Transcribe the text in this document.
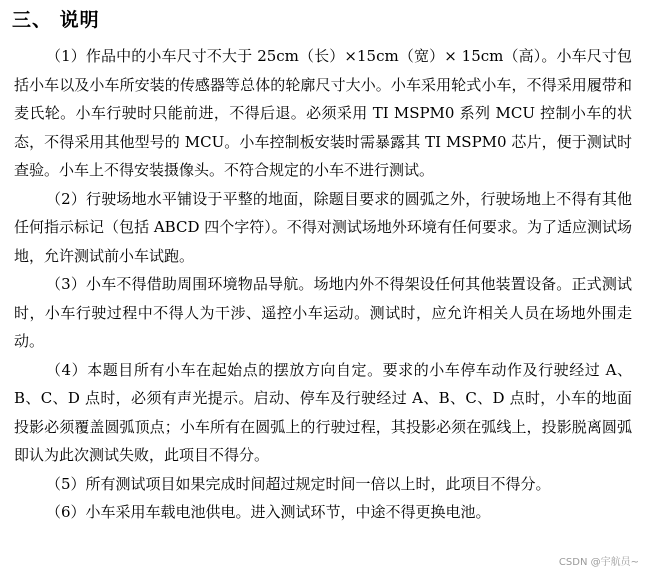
三、 说明

（1）作品中的小车尺寸不大于 25cm（长）×15cm（宽）× 15cm（高）。小车尺寸包括小车以及小车所安装的传感器等总体的轮廓尺寸大小。小车采用轮式小车，不得采用履带和麦氏轮。小车行驶时只能前进，不得后退。必须采用 TI MSPM0 系列 MCU 控制小车的状态，不得采用其他型号的 MCU。小车控制板安装时需暴露其 TI MSPM0 芯片，便于测试时查验。小车上不得安装摄像头。不符合规定的小车不进行测试。

（2）行驶场地水平铺设于平整的地面，除题目要求的圆弧之外，行驶场地上不得有其他任何指示标记（包括 ABCD 四个字符）。不得对测试场地外环境有任何要求。为了适应测试场地，允许测试前小车试跑。

（3）小车不得借助周围环境物品导航。场地内外不得架设任何其他装置设备。正式测试时，小车行驶过程中不得人为干涉、遥控小车运动。测试时，应允许相关人员在场地外围走动。

（4）本题目所有小车在起始点的摆放方向自定。要求的小车停车动作及行驶经过 A、B、C、D 点时，必须有声光提示。启动、停车及行驶经过 A、B、C、D 点时，小车的地面投影必须覆盖圆弧顶点；小车所有在圆弧上的行驶过程，其投影必须在弧线上，投影脱离圆弧即认为此次测试失败，此项目不得分。

（5）所有测试项目如果完成时间超过规定时间一倍以上时，此项目不得分。

（6）小车采用车载电池供电。进入测试环节，中途不得更换电池。

CSDN @宇航员~
